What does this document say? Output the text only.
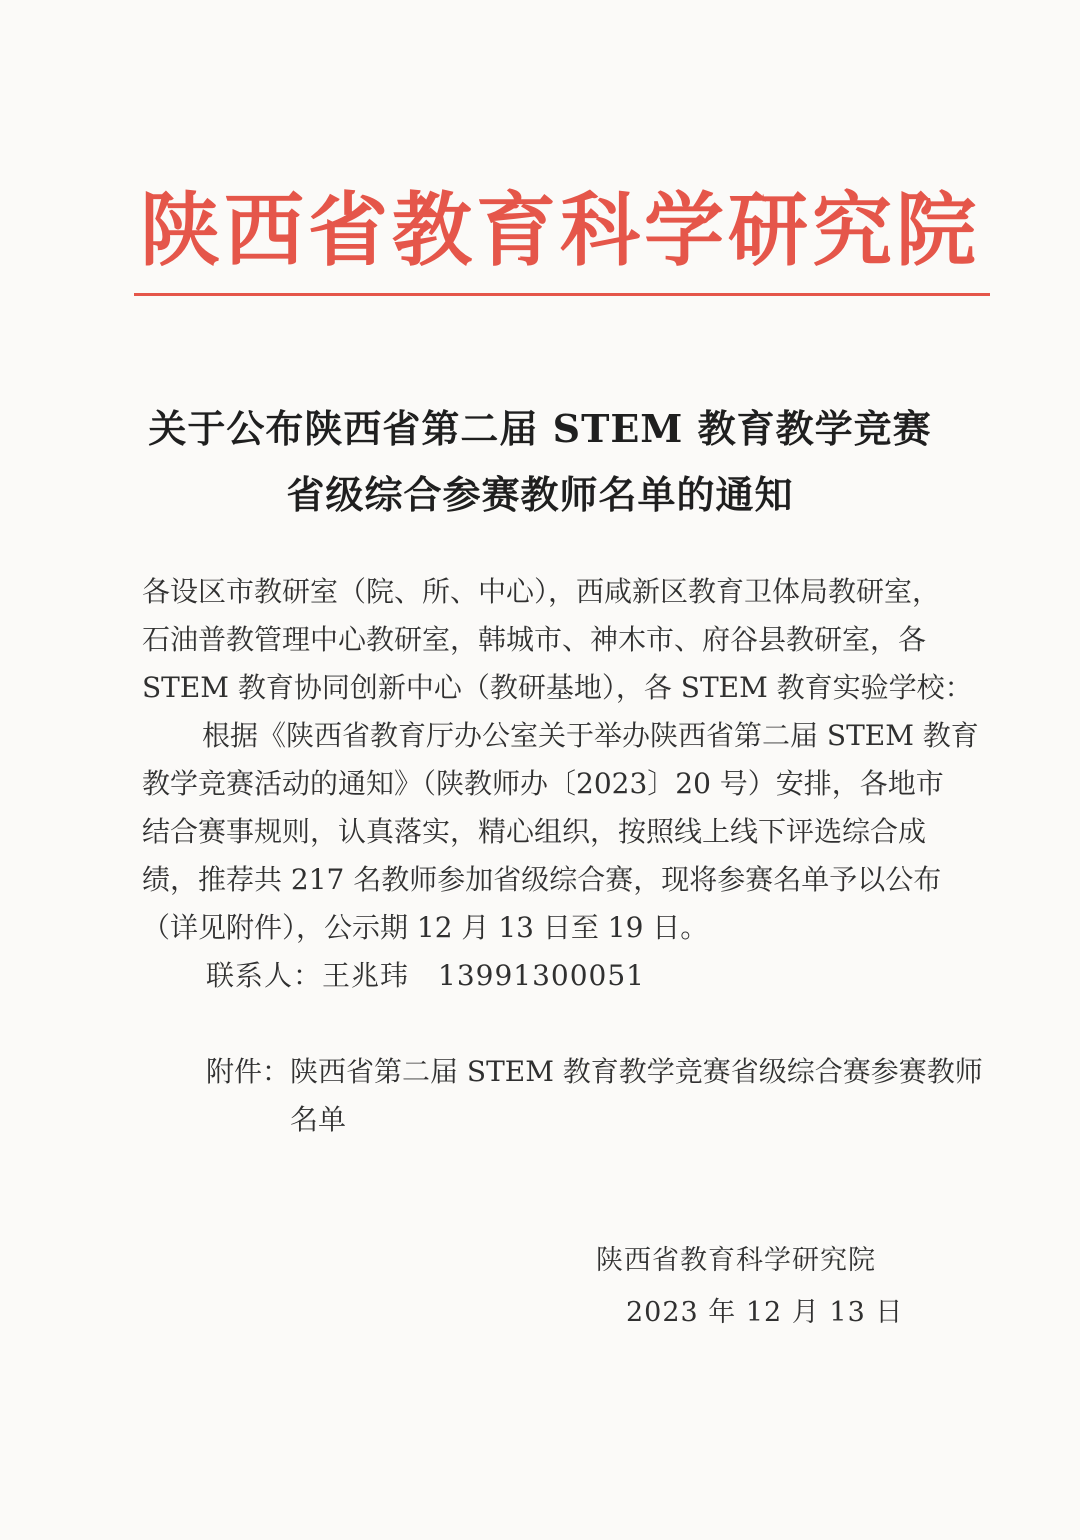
陕西省教育科学研究院
关于公布陕西省第二届 STEM 教育教学竞赛
省级综合参赛教师名单的通知
各设区市教研室（院、所、中心），西咸新区教育卫体局教研室，
石油普教管理中心教研室，韩城市、神木市、府谷县教研室，各
STEM 教育协同创新中心（教研基地），各 STEM 教育实验学校：
根据《陕西省教育厅办公室关于举办陕西省第二届 STEM 教育
教学竞赛活动的通知》（陕教师办〔2023〕20 号）安排，各地市
结合赛事规则，认真落实，精心组织，按照线上线下评选综合成
绩，推荐共 217 名教师参加省级综合赛，现将参赛名单予以公布
（详见附件），公示期 12 月 13 日至 19 日。
联系人：王兆玮　13991300051
附件：陕西省第二届 STEM 教育教学竞赛省级综合赛参赛教师
名单
陕西省教育科学研究院
2023 年 12 月 13 日
